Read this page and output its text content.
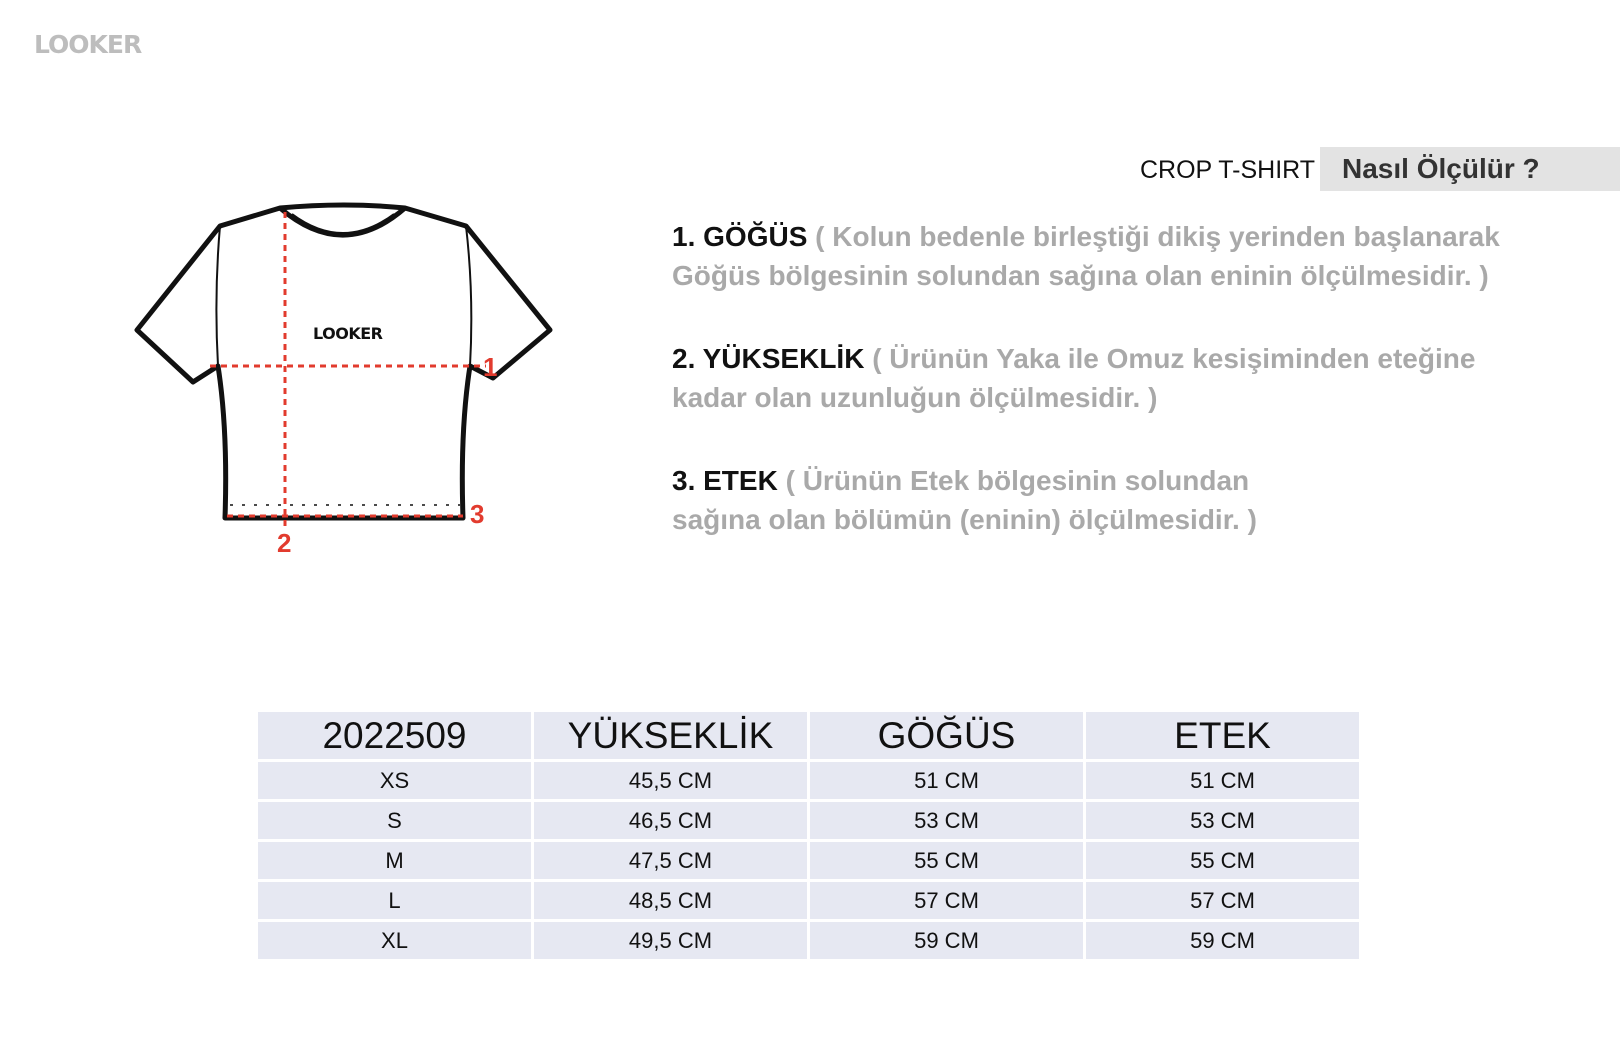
LOOKER
CROP T-SHIRT Nasıl Ölçülür ?
LOOKER
1
2
3

1. GÖĞÜS ( Kolun bedenle birleştiği dikiş yerinden başlanarak
Göğüs bölgesinin solundan sağına olan eninin ölçülmesidir. )

2. YÜKSEKLİK ( Ürünün Yaka ile Omuz kesişiminden eteğine
kadar olan uzunluğun ölçülmesidir. )

3. ETEK ( Ürünün Etek bölgesinin solundan
sağına olan bölümün (eninin) ölçülmesidir. )

2022509	YÜKSEKLİK	GÖĞÜS	ETEK
XS	45,5 CM	51 CM	51 CM
S	46,5 CM	53 CM	53 CM
M	47,5 CM	55 CM	55 CM
L	48,5 CM	57 CM	57 CM
XL	49,5 CM	59 CM	59 CM
